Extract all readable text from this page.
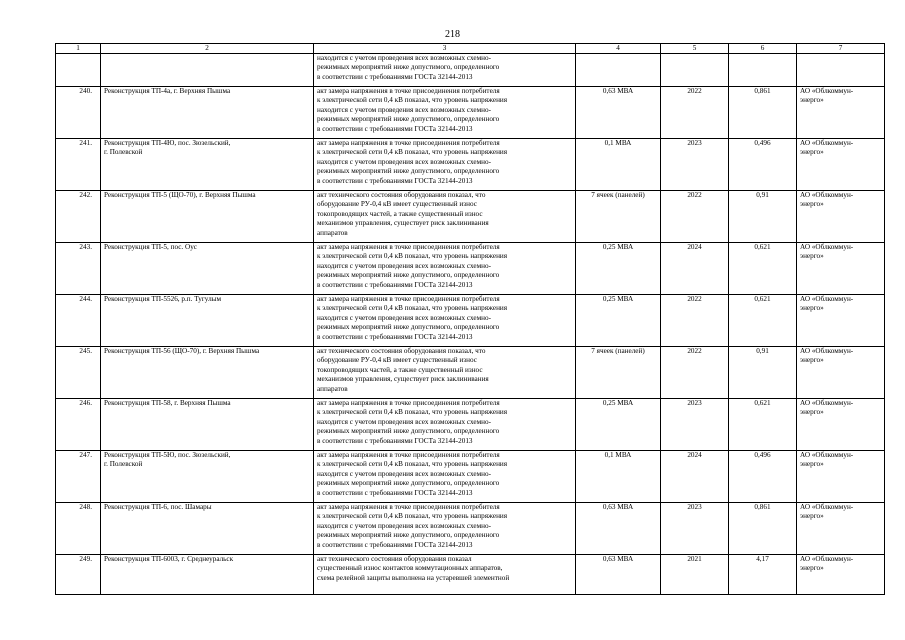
218
1	2	3	4	5	6	7
		находится с учетом проведения всех возможных схемно-
режимных мероприятий ниже допустимого, определенного
в соответствии с требованиями ГОСТа 32144-2013				
240.	Реконструкция ТП-4а, г. Верхняя Пышма	акт замера напряжения в точке присоединения потребителя
к электрической сети 0,4 кВ показал, что уровень напряжения
находится с учетом проведения всех возможных схемно-
режимных мероприятий ниже допустимого, определенного
в соответствии с требованиями ГОСТа 32144-2013	0,63 МВА	2022	0,861	АО «Облкоммун-
энерго»
241.	Реконструкция ТП-4Ю, пос. Зюзельский,
г. Полевской	акт замера напряжения в точке присоединения потребителя
к электрической сети 0,4 кВ показал, что уровень напряжения
находится с учетом проведения всех возможных схемно-
режимных мероприятий ниже допустимого, определенного
в соответствии с требованиями ГОСТа 32144-2013	0,1 МВА	2023	0,496	АО «Облкоммун-
энерго»
242.	Реконструкция ТП-5 (ЩО-70), г. Верхняя Пышма	акт технического состояния оборудования показал, что
оборудование РУ-0,4 кВ имеет существенный износ
токопроводящих частей, а также существенный износ
механизмов управления, существует риск заклинивания
аппаратов	7 ячеек (панелей)	2022	0,91	АО «Облкоммун-
энерго»
243.	Реконструкция ТП-5, пос. Оус	акт замера напряжения в точке присоединения потребителя
к электрической сети 0,4 кВ показал, что уровень напряжения
находится с учетом проведения всех возможных схемно-
режимных мероприятий ниже допустимого, определенного
в соответствии с требованиями ГОСТа 32144-2013	0,25 МВА	2024	0,621	АО «Облкоммун-
энерго»
244.	Реконструкция ТП-5526, р.п. Тугулым	акт замера напряжения в точке присоединения потребителя
к электрической сети 0,4 кВ показал, что уровень напряжения
находится с учетом проведения всех возможных схемно-
режимных мероприятий ниже допустимого, определенного
в соответствии с требованиями ГОСТа 32144-2013	0,25 МВА	2022	0,621	АО «Облкоммун-
энерго»
245.	Реконструкция ТП-56 (ЩО-70), г. Верхняя Пышма	акт технического состояния оборудования показал, что
оборудование РУ-0,4 кВ имеет существенный износ
токопроводящих частей, а также существенный износ
механизмов управления, существует риск заклинивания
аппаратов	7 ячеек (панелей)	2022	0,91	АО «Облкоммун-
энерго»
246.	Реконструкция ТП-58, г. Верхняя Пышма	акт замера напряжения в точке присоединения потребителя
к электрической сети 0,4 кВ показал, что уровень напряжения
находится с учетом проведения всех возможных схемно-
режимных мероприятий ниже допустимого, определенного
в соответствии с требованиями ГОСТа 32144-2013	0,25 МВА	2023	0,621	АО «Облкоммун-
энерго»
247.	Реконструкция ТП-5Ю, пос. Зюзельский,
г. Полевской	акт замера напряжения в точке присоединения потребителя
к электрической сети 0,4 кВ показал, что уровень напряжения
находится с учетом проведения всех возможных схемно-
режимных мероприятий ниже допустимого, определенного
в соответствии с требованиями ГОСТа 32144-2013	0,1 МВА	2024	0,496	АО «Облкоммун-
энерго»
248.	Реконструкция ТП-6, пос. Шамары	акт замера напряжения в точке присоединения потребителя
к электрической сети 0,4 кВ показал, что уровень напряжения
находится с учетом проведения всех возможных схемно-
режимных мероприятий ниже допустимого, определенного
в соответствии с требованиями ГОСТа 32144-2013	0,63 МВА	2023	0,861	АО «Облкоммун-
энерго»
249.	Реконструкция ТП-6003, г. Среднеуральск	акт технического состояния оборудования показал
существенный износ контактов коммутационных аппаратов,
схема релейной защиты выполнена на устаревшей элементной	0,63 МВА	2021	4,17	АО «Облкоммун-
энерго»
